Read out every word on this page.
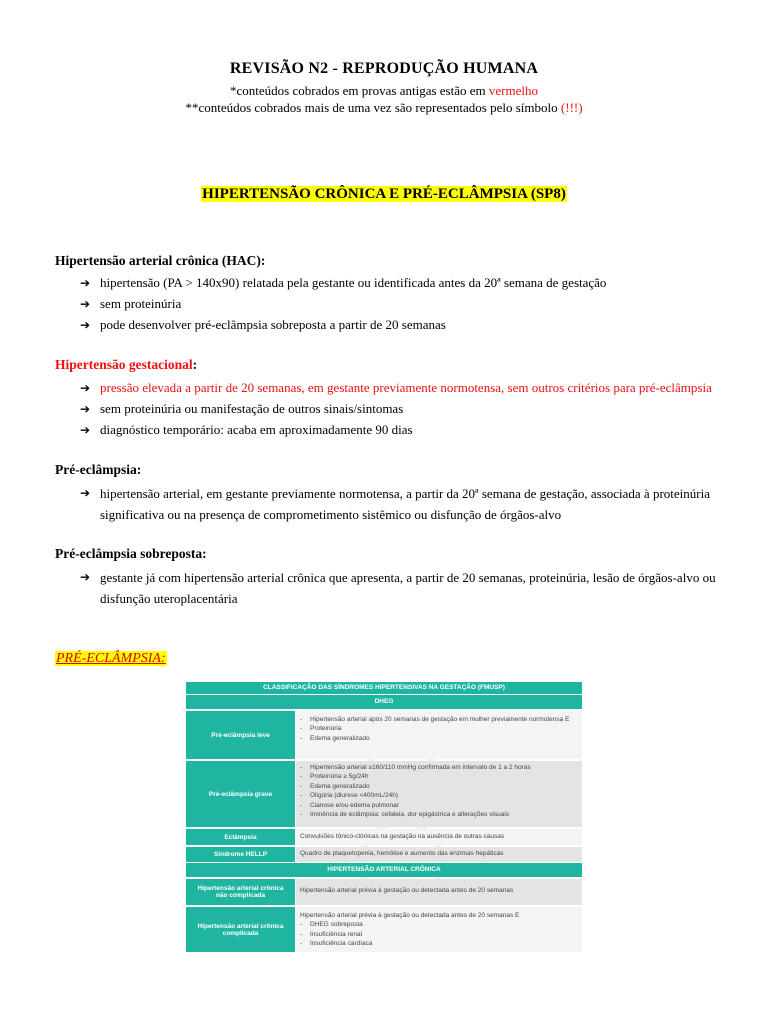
REVISÃO N2 - REPRODUÇÃO HUMANA
*conteúdos cobrados em provas antigas estão em vermelho
**conteúdos cobrados mais de uma vez são representados pelo símbolo (!!!)
HIPERTENSÃO CRÔNICA E PRÉ-ECLÂMPSIA (SP8)
Hipertensão arterial crônica (HAC):
➔ hipertensão (PA > 140x90) relatada pela gestante ou identificada antes da 20ª semana de gestação
➔ sem proteinúria
➔ pode desenvolver pré-eclâmpsia sobreposta a partir de 20 semanas
Hipertensão gestacional:
➔ pressão elevada a partir de 20 semanas, em gestante previamente normotensa, sem outros critérios para pré-eclâmpsia
➔ sem proteinúria ou manifestação de outros sinais/sintomas
➔ diagnóstico temporário: acaba em aproximadamente 90 dias
Pré-eclâmpsia:
➔ hipertensão arterial, em gestante previamente normotensa, a partir da 20ª semana de gestação, associada à proteinúria significativa ou na presença de comprometimento sistêmico ou disfunção de órgãos-alvo
Pré-eclâmpsia sobreposta:
➔ gestante já com hipertensão arterial crônica que apresenta, a partir de 20 semanas, proteinúria, lesão de órgãos-alvo ou disfunção uteroplacentária
PRÉ-ECLÂMPSIA:
CLASSIFICAÇÃO DAS SÍNDROMES HIPERTENSIVAS NA GESTAÇÃO (FMUSP)
DHEG
Pré-eclâmpsia leve
- Hipertensão arterial após 20 semanas de gestação em mulher previamente normotensa E
- Proteinúria
- Edema generalizado
Pré-eclâmpsia grave
- Hipertensão arterial ≥160/110 mmHg confirmada em intervalo de 1 a 2 horas
- Proteinúria ≥ 5g/24h
- Edema generalizado
- Oligúria (diurese <400mL/24h)
- Cianose e/ou edema pulmonar
- Iminência de eclâmpsia: cefaleia, dor epigástrica e alterações visuais
Eclâmpsia	Convulsões tônico-clônicas na gestação na ausência de outras causas
Síndrome HELLP	Quadro de plaquetopenia, hemólise e aumento das enzimas hepáticas
HIPERTENSÃO ARTERIAL CRÔNICA
Hipertensão arterial crônica não complicada
Hipertensão arterial prévia à gestação ou detectada antes de 20 semanas
Hipertensão arterial crônica complicada
Hipertensão arterial prévia à gestação ou detectada antes de 20 semanas E
- DHEG sobreposta
- Insuficiência renal
- Insuficiência cardíaca
